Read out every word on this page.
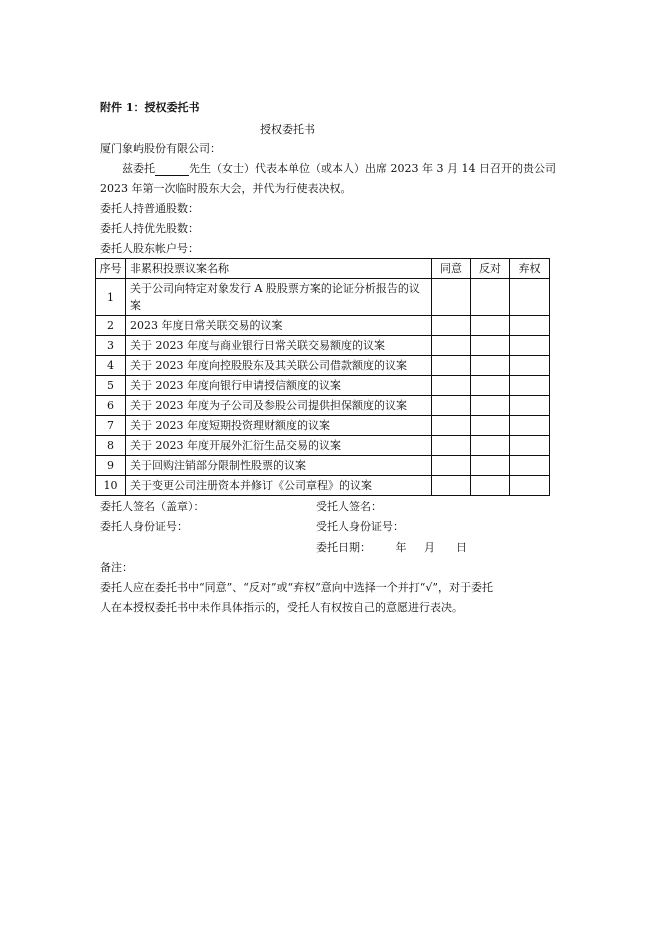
附件 1：授权委托书
授权委托书
厦门象屿股份有限公司：
兹委托	先生（女士）代表本单位（或本人）出席 2023 年 3 月 14 日召开的贵公司
2023 年第一次临时股东大会，并代为行使表决权。
委托人持普通股数：
委托人持优先股数：
委托人股东帐户号：
序号	非累积投票议案名称	同意	反对	弃权
1	关于公司向特定对象发行 A 股股票方案的论证分析报告的议案			
2	2023 年度日常关联交易的议案			
3	关于 2023 年度与商业银行日常关联交易额度的议案			
4	关于 2023 年度向控股股东及其关联公司借款额度的议案			
5	关于 2023 年度向银行申请授信额度的议案			
6	关于 2023 年度为子公司及参股公司提供担保额度的议案			
7	关于 2023 年度短期投资理财额度的议案			
8	关于 2023 年度开展外汇衍生品交易的议案			
9	关于回购注销部分限制性股票的议案			
10	关于变更公司注册资本并修订《公司章程》的议案			
委托人签名（盖章）：	受托人签名：
委托人身份证号：	受托人身份证号：
委托日期：       年     月      日
备注：
委托人应在委托书中“同意”、“反对”或“弃权”意向中选择一个并打“√”，对于委托
人在本授权委托书中未作具体指示的，受托人有权按自己的意愿进行表决。
